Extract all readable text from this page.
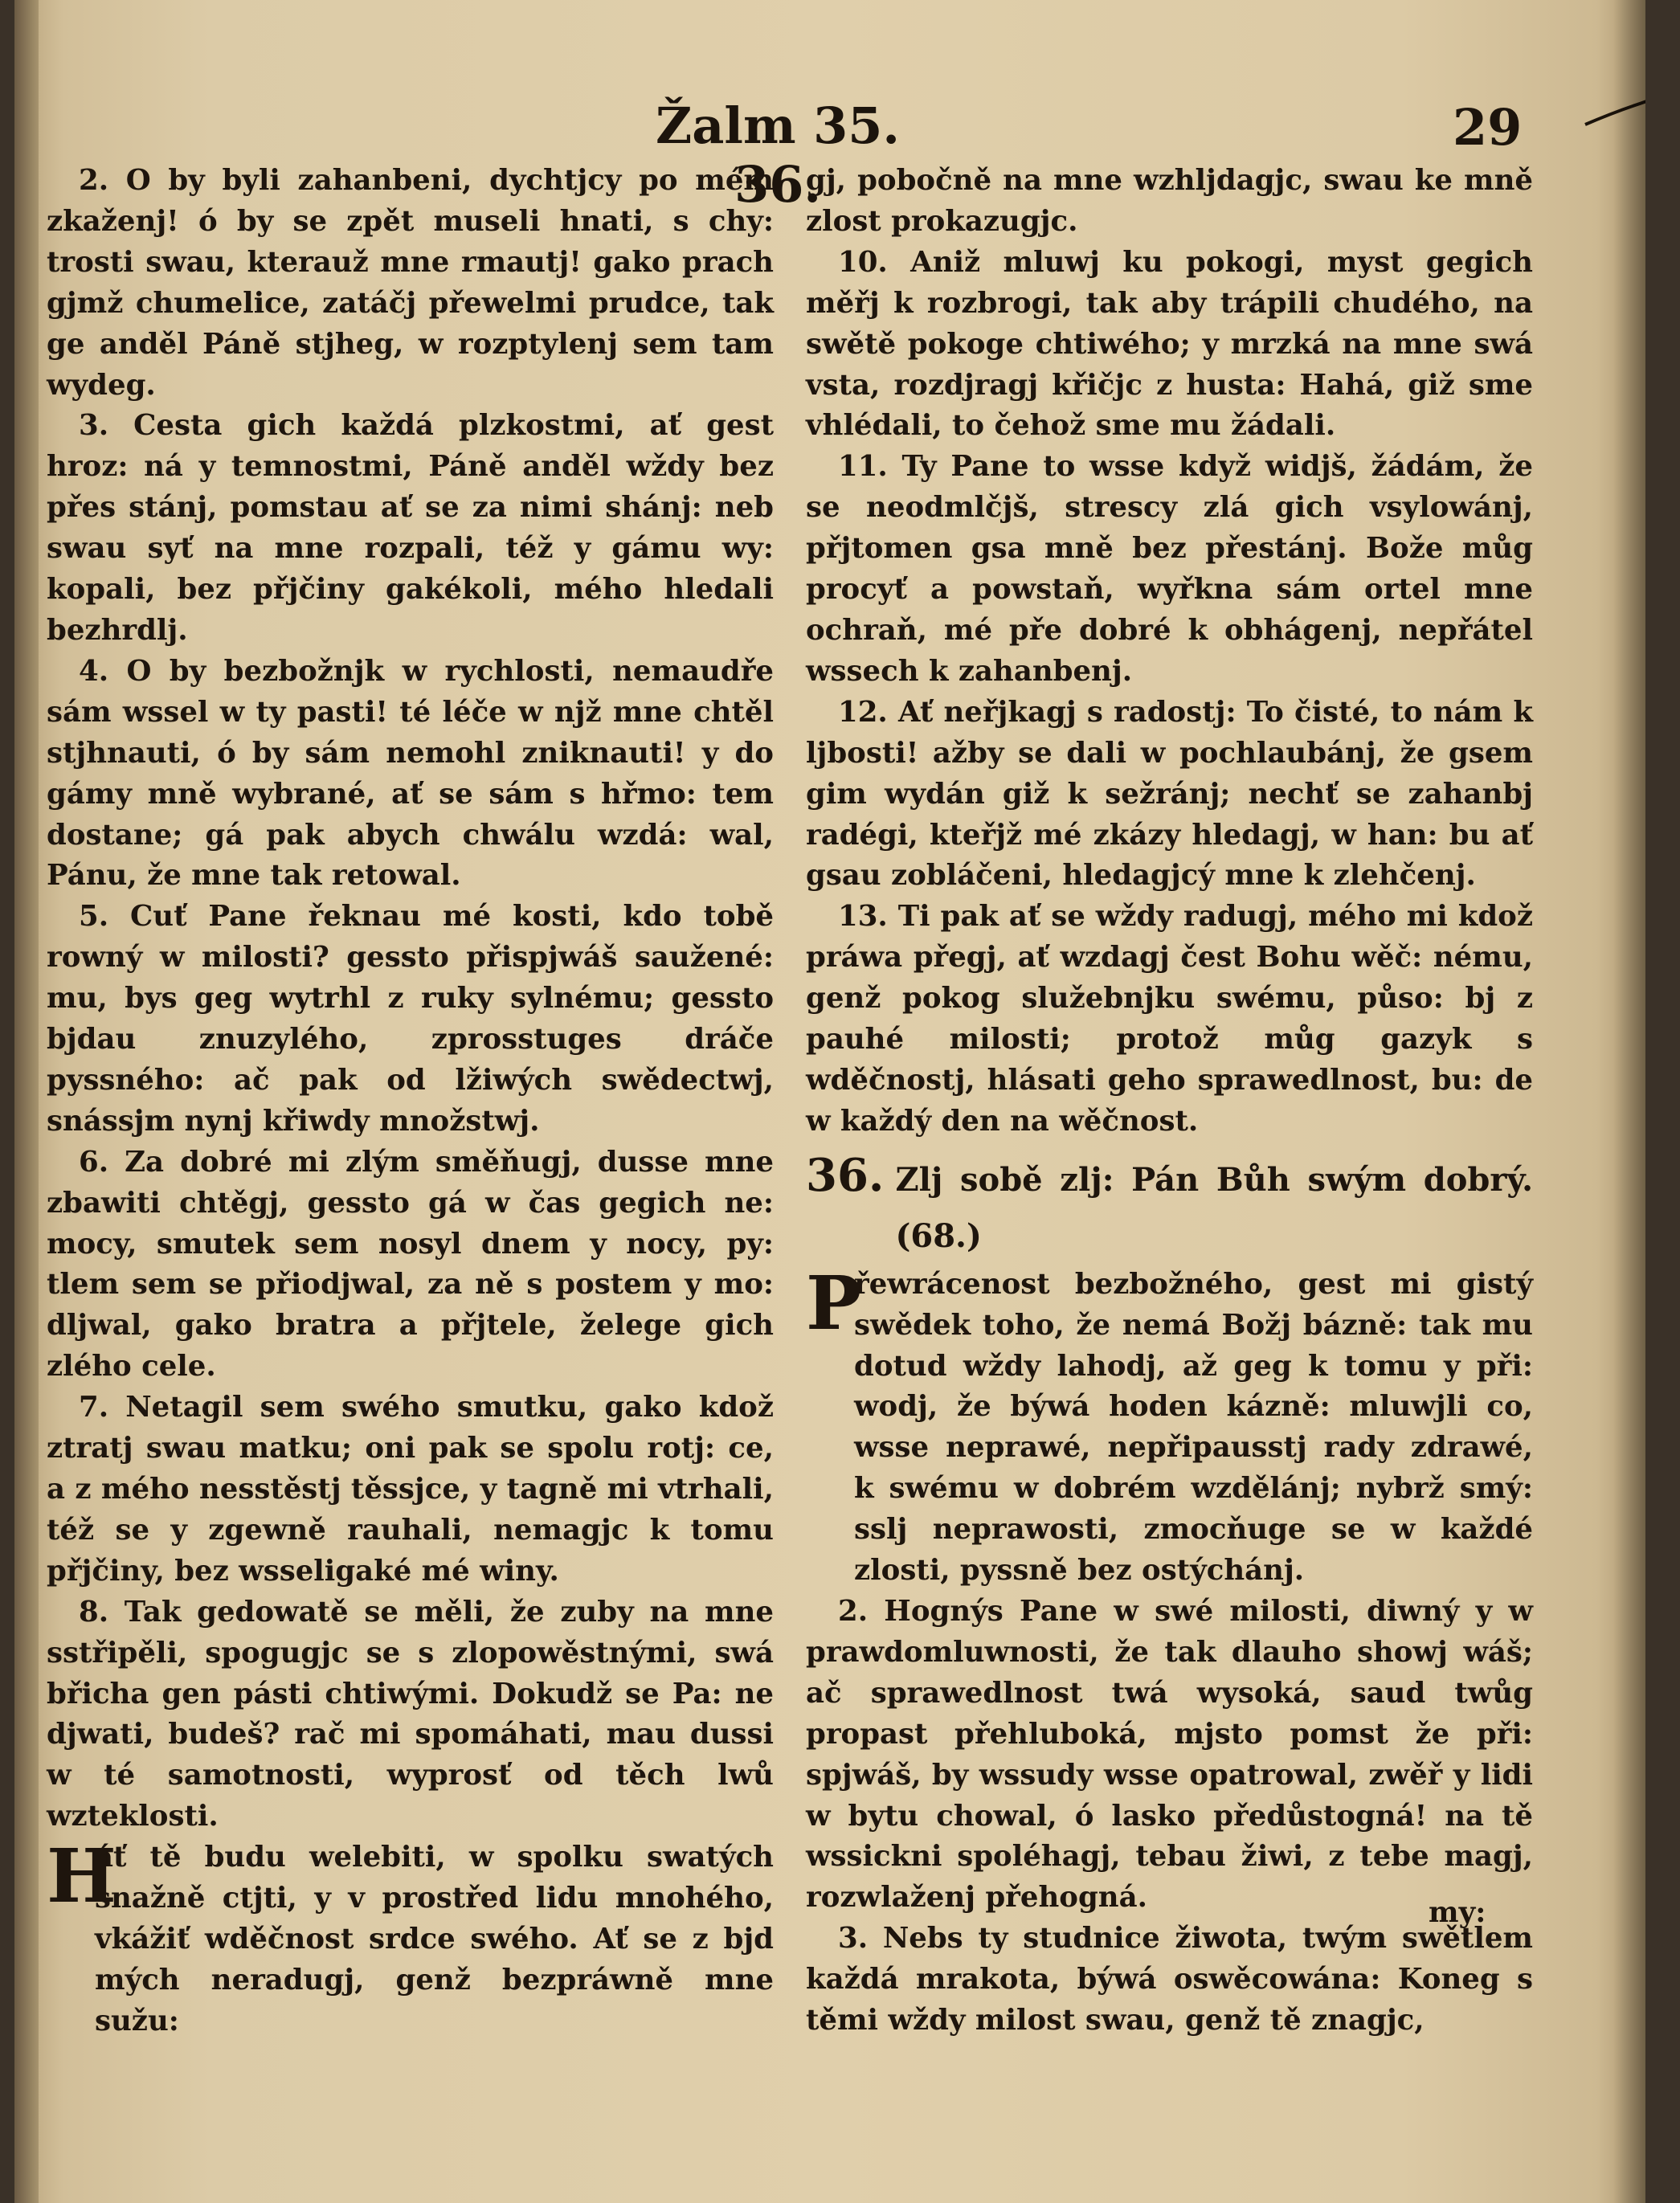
Žalm 35. 36.
29

2. O by byli zahanbeni, dychtjcy po mém zkaženj! ó by se zpět museli hnati, s chy: trosti swau, kterauž mne rmautj! gako prach gjmž chumelice, zatáčj přewelmi prudce, tak ge anděl Páně stjheg, w rozptylenj sem tam wydeg.

3. Cesta gich každá plzkostmi, ať gest hroz: ná y temnostmi, Páně anděl wždy bez přes stánj, pomstau ať se za nimi shánj: neb swau syť na mne rozpali, též y gámu wy: kopali, bez přjčiny gakékoli, mého hledali bezhrdlj.

4. O by bezbožnjk w rychlosti, nemaudře sám wssel w ty pasti! té léče w njž mne chtěl stjhnauti, ó by sám nemohl zniknauti! y do gámy mně wybrané, ať se sám s hřmo: tem dostane; gá pak abych chwálu wzdá: wal, Pánu, že mne tak retowal.

5. Cuť Pane řeknau mé kosti, kdo tobě rowný w milosti? gessto přispjwáš saužené: mu, bys geg wytrhl z ruky sylnému; gessto bjdau znuzylého, zprosstuges dráče pyssného: ač pak od lžiwých swědectwj, snássjm nynj křiwdy množstwj.

6. Za dobré mi zlým směňugj, dusse mne zbawiti chtěgj, gessto gá w čas gegich ne: mocy, smutek sem nosyl dnem y nocy, py: tlem sem se přiodjwal, za ně s postem y mo: dljwal, gako bratra a přjtele, želege gich zlého cele.

7. Netagil sem swého smutku, gako kdož ztratj swau matku; oni pak se spolu rotj: ce, a z mého nesstěstj těssjce, y tagně mi vtrhali, též se y zgewně rauhali, nemagjc k tomu přjčiny, bez wsseligaké mé winy.

8. Tak gedowatě se měli, že zuby na mne sstřipěli, spogugjc se s zlopowěstnými, swá břicha gen pásti chtiwými. Dokudž se Pa: ne djwati, budeš? rač mi spomáhati, mau dussi w té samotnosti, wyprosť od těch lwů wzteklosti.

H

áť tě budu welebiti, w spolku swatých snažně ctjti, y v prostřed lidu mnohého, vkážiť wděčnost srdce swého. Ať se z bjd mých neradugj, genž bezpráwně mne sužu:

gj, pobočně na mne wzhljdagjc, swau ke mně zlost prokazugjc.

10. Aniž mluwj ku pokogi, myst gegich měřj k rozbrogi, tak aby trápili chudého, na swětě pokoge chtiwého; y mrzká na mne swá vsta, rozdjragj křičjc z husta: Hahá, giž sme vhlédali, to čehož sme mu žádali.

11. Ty Pane to wsse když widjš, žádám, že se neodmlčjš, strescy zlá gich vsylowánj, přjtomen gsa mně bez přestánj. Bože můg procyť a powstaň, wyřkna sám ortel mne ochraň, mé pře dobré k obhágenj, nepřátel wssech k zahanbenj.

12. Ať neřjkagj s radostj: To čisté, to nám k ljbosti! ažby se dali w pochlaubánj, že gsem gim wydán giž k sežránj; nechť se zahanbj radégi, kteřjž mé zkázy hledagj, w han: bu ať gsau zobláčeni, hledagjcý mne k zlehčenj.

13. Ti pak ať se wždy radugj, mého mi kdož práwa přegj, ať wzdagj čest Bohu wěč: nému, genž pokog služebnjku swému, půso: bj z pauhé milosti; protož můg gazyk s wděčnostj, hlásati geho sprawedlnost, bu: de w každý den na wěčnost.

36. Zlj sobě zlj: Pán Bůh swým dobrý. (68.)
P

řewrácenost bezbožného, gest mi gistý swědek toho, že nemá Božj bázně: tak mu dotud wždy lahodj, až geg k tomu y při: wodj, že býwá hoden kázně: mluwjli co, wsse neprawé, nepřipausstj rady zdrawé, k swému w dobrém wzdělánj; nybrž smý: sslj neprawosti, zmocňuge se w každé zlosti, pyssně bez ostýchánj.

2. Hognýs Pane w swé milosti, diwný y w prawdomluwnosti, že tak dlauho showj wáš; ač sprawedlnost twá wysoká, saud twůg propast přehluboká, mjsto pomst že při: spjwáš, by wssudy wsse opatrowal, zwěř y lidi w bytu chowal, ó lasko předůstogná! na tě wssickni spoléhagj, tebau žiwi, z tebe magj, rozwlaženj přehogná.

3. Nebs ty studnice žiwota, twým swětlem každá mrakota, býwá oswěcowána: Koneg s těmi wždy milost swau, genž tě znagjc,

my:
